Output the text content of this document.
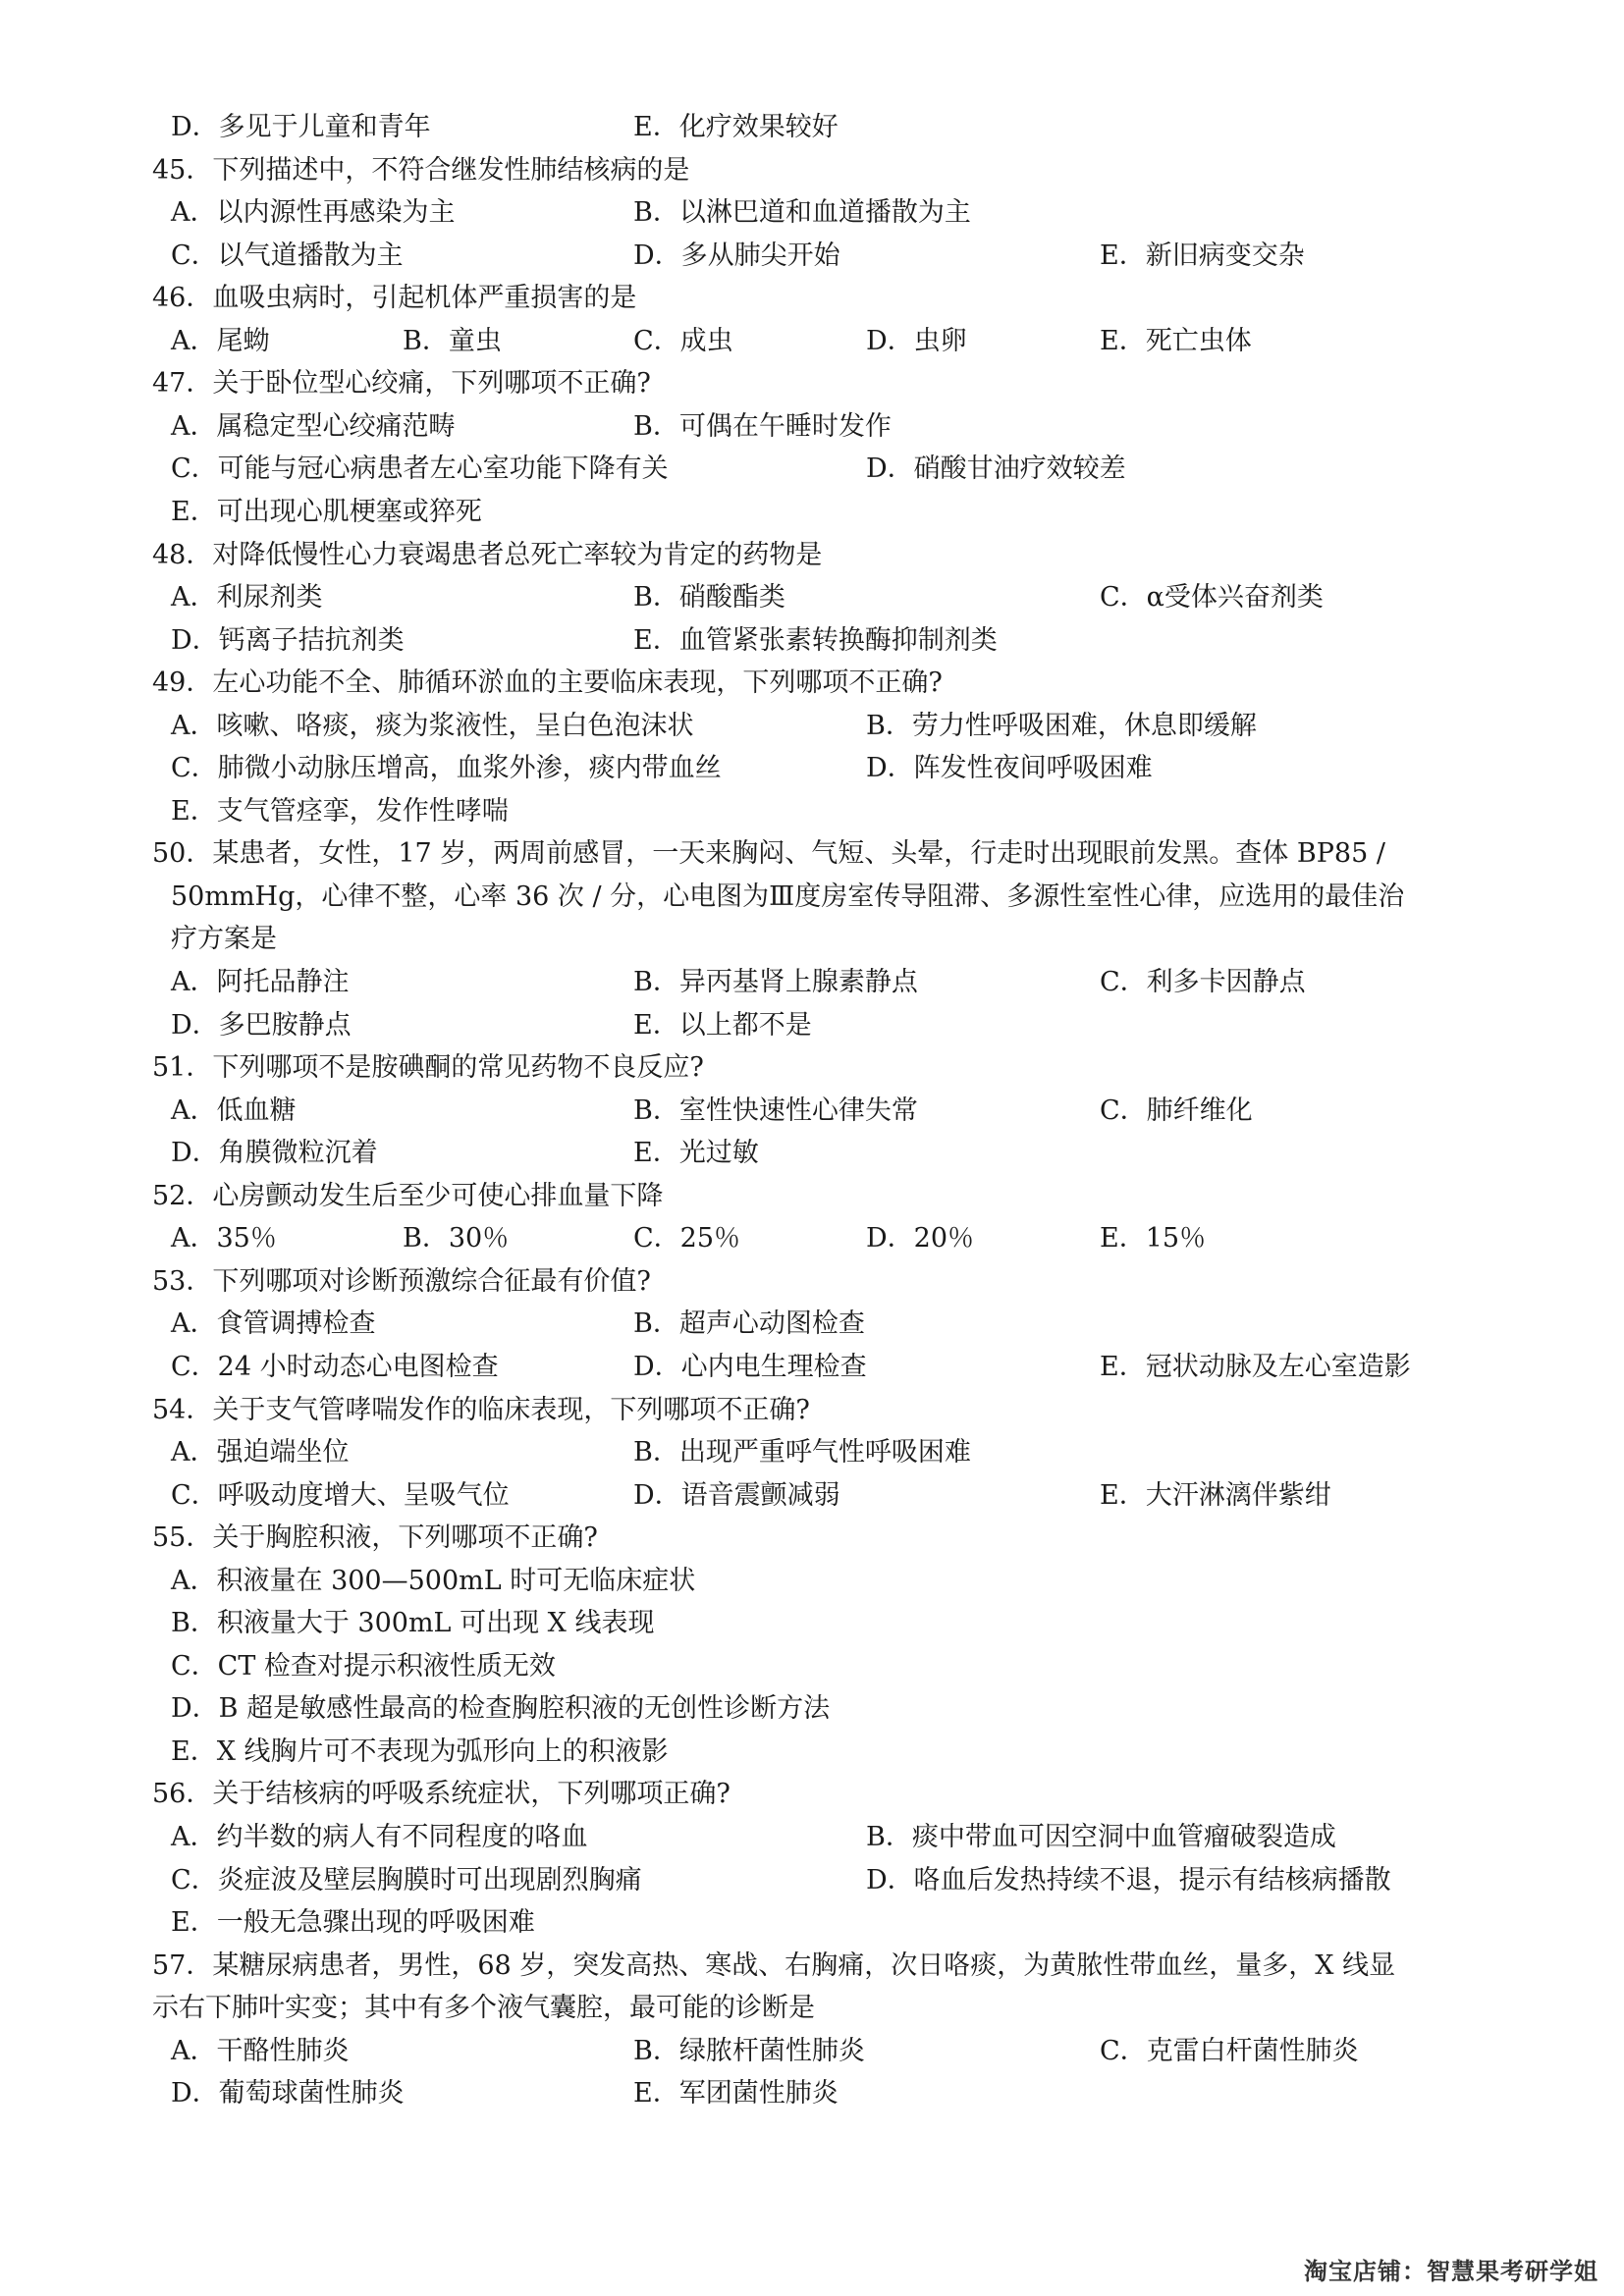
D．多见于儿童和青年	E．化疗效果较好
45．下列描述中，不符合继发性肺结核病的是
A．以内源性再感染为主	B．以淋巴道和血道播散为主
C．以气道播散为主	D．多从肺尖开始	E．新旧病变交杂
46．血吸虫病时，引起机体严重损害的是
A．尾蚴	B．童虫	C．成虫	D．虫卵	E．死亡虫体
47．关于卧位型心绞痛，下列哪项不正确?
A．属稳定型心绞痛范畴	B．可偶在午睡时发作
C．可能与冠心病患者左心室功能下降有关	D．硝酸甘油疗效较差
E．可出现心肌梗塞或猝死
48．对降低慢性心力衰竭患者总死亡率较为肯定的药物是
A．利尿剂类	B．硝酸酯类	C．α受体兴奋剂类
D．钙离子拮抗剂类	E．血管紧张素转换酶抑制剂类
49．左心功能不全、肺循环淤血的主要临床表现，下列哪项不正确?
A．咳嗽、咯痰，痰为浆液性，呈白色泡沫状	B．劳力性呼吸困难，休息即缓解
C．肺微小动脉压增高，血浆外渗，痰内带血丝	D．阵发性夜间呼吸困难
E．支气管痉挛，发作性哮喘
50．某患者，女性，17 岁，两周前感冒，一天来胸闷、气短、头晕，行走时出现眼前发黑。查体 BP85 /
50mmHg，心律不整，心率 36 次 / 分，心电图为Ⅲ度房室传导阻滞、多源性室性心律，应选用的最佳治
疗方案是
A．阿托品静注	B．异丙基肾上腺素静点	C．利多卡因静点
D．多巴胺静点	E．以上都不是
51．下列哪项不是胺碘酮的常见药物不良反应?
A．低血糖	B．室性快速性心律失常	C．肺纤维化
D．角膜微粒沉着	E．光过敏
52．心房颤动发生后至少可使心排血量下降
A．35％	B．30％	C．25％	D．20％	E．15％
53．下列哪项对诊断预激综合征最有价值?
A．食管调搏检查	B．超声心动图检查
C．24 小时动态心电图检查	D．心内电生理检查	E．冠状动脉及左心室造影
54．关于支气管哮喘发作的临床表现，下列哪项不正确?
A．强迫端坐位	B．出现严重呼气性呼吸困难
C．呼吸动度增大、呈吸气位	D．语音震颤减弱	E．大汗淋漓伴紫绀
55．关于胸腔积液，下列哪项不正确?
A．积液量在 300—500mL 时可无临床症状
B．积液量大于 300mL 可出现 X 线表现
C．CT 检查对提示积液性质无效
D．B 超是敏感性最高的检查胸腔积液的无创性诊断方法
E．X 线胸片可不表现为弧形向上的积液影
56．关于结核病的呼吸系统症状，下列哪项正确?
A．约半数的病人有不同程度的咯血	B．痰中带血可因空洞中血管瘤破裂造成
C．炎症波及壁层胸膜时可出现剧烈胸痛	D．咯血后发热持续不退，提示有结核病播散
E．一般无急骤出现的呼吸困难
57．某糖尿病患者，男性，68 岁，突发高热、寒战、右胸痛，次日咯痰，为黄脓性带血丝，量多，X 线显
示右下肺叶实变；其中有多个液气囊腔，最可能的诊断是
A．干酪性肺炎	B．绿脓杆菌性肺炎	C．克雷白杆菌性肺炎
D．葡萄球菌性肺炎	E．军团菌性肺炎
淘宝店铺：智慧果考研学姐
